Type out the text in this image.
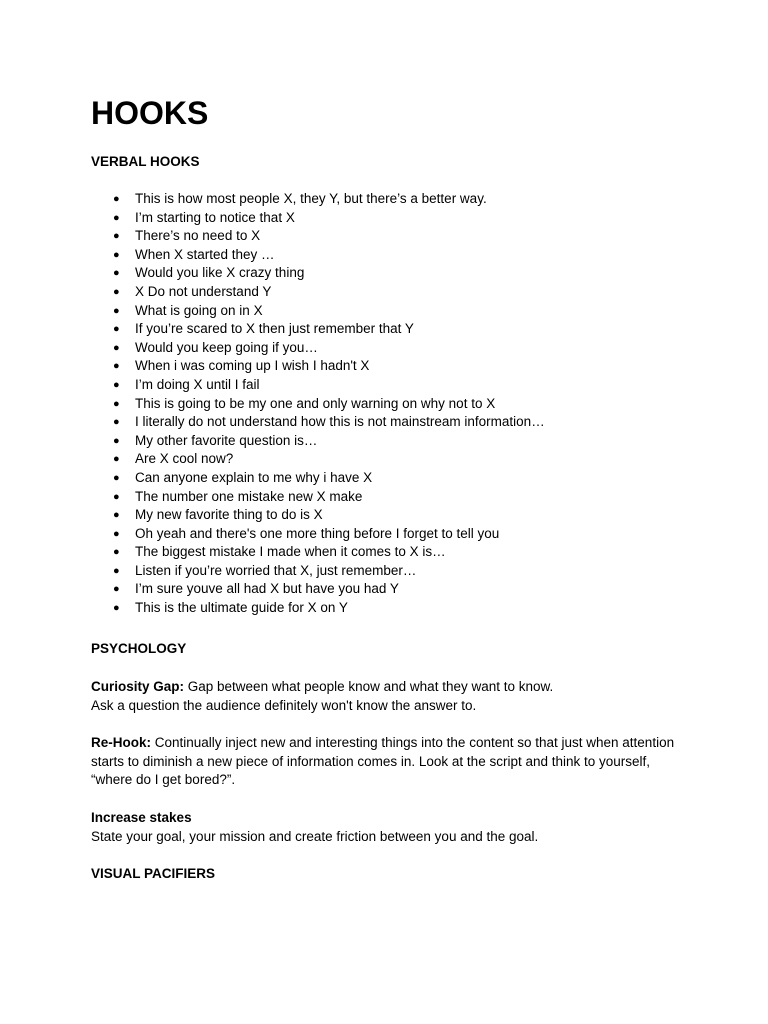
HOOKS
VERBAL HOOKS
● This is how most people X, they Y, but there’s a better way.
● I’m starting to notice that X
● There’s no need to X
● When X started they …
● Would you like X crazy thing
● X Do not understand Y
● What is going on in X
● If you’re scared to X then just remember that Y
● Would you keep going if you…
● When i was coming up I wish I hadn't X
● I’m doing X until I fail
● This is going to be my one and only warning on why not to X
● I literally do not understand how this is not mainstream information…
● My other favorite question is…
● Are X cool now?
● Can anyone explain to me why i have X
● The number one mistake new X make
● My new favorite thing to do is X
● Oh yeah and there's one more thing before I forget to tell you
● The biggest mistake I made when it comes to X is…
● Listen if you’re worried that X, just remember…
● I’m sure youve all had X but have you had Y
● This is the ultimate guide for X on Y
PSYCHOLOGY

Curiosity Gap: Gap between what people know and what they want to know.
Ask a question the audience definitely won't know the answer to.

Re-Hook: Continually inject new and interesting things into the content so that just when attention starts to diminish a new piece of information comes in. Look at the script and think to yourself, “where do I get bored?”.

Increase stakes
State your goal, your mission and create friction between you and the goal.

VISUAL PACIFIERS
